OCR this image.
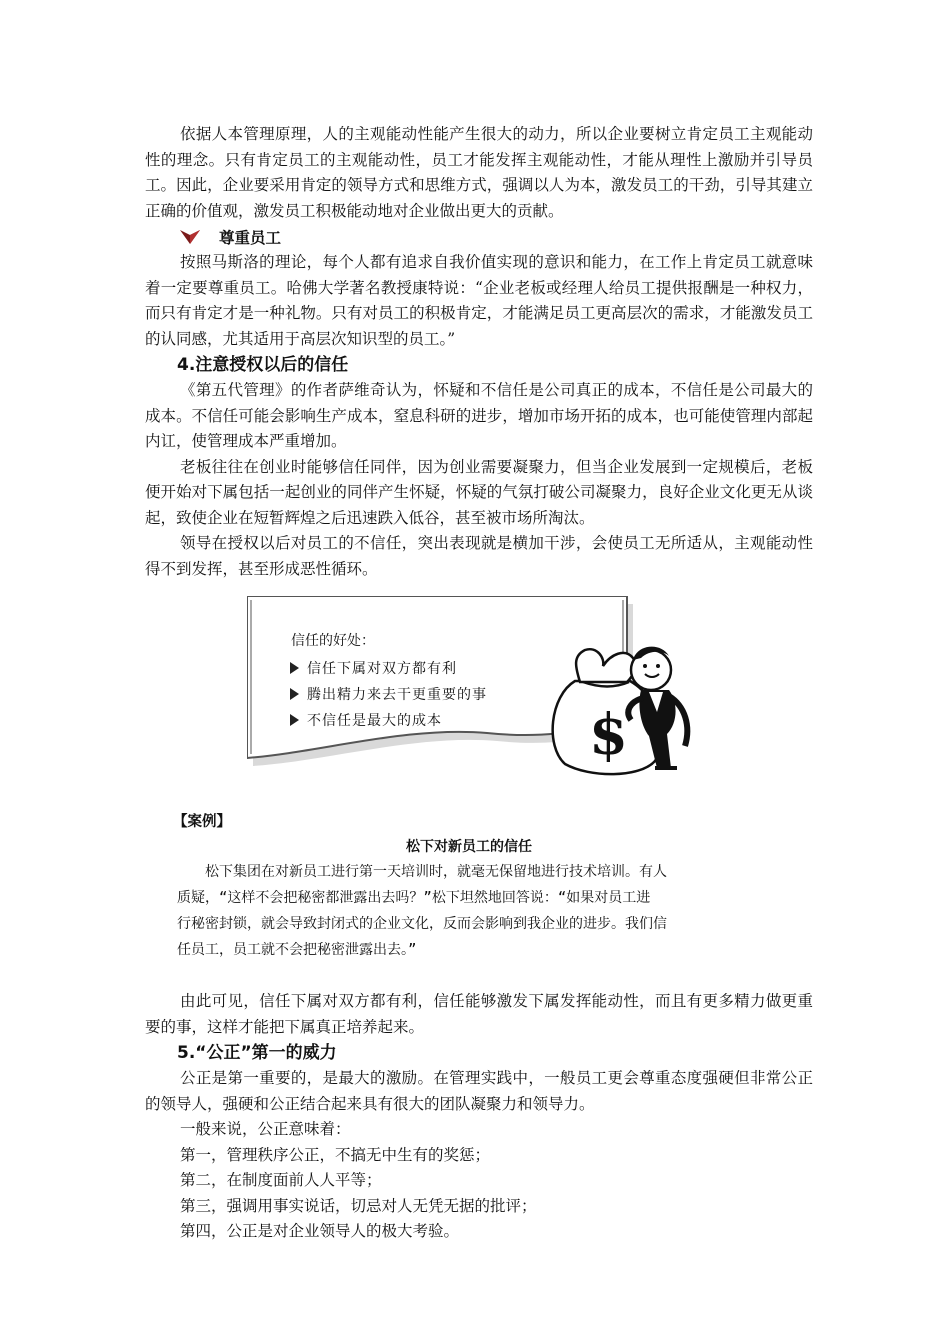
依据人本管理原理，人的主观能动性能产生很大的动力，所以企业要树立肯定员工主观能动性的理念。只有肯定员工的主观能动性，员工才能发挥主观能动性，才能从理性上激励并引导员工。因此，企业要采用肯定的领导方式和思维方式，强调以人为本，激发员工的干劲，引导其建立正确的价值观，激发员工积极能动地对企业做出更大的贡献。

尊重员工

按照马斯洛的理论，每个人都有追求自我价值实现的意识和能力，在工作上肯定员工就意味着一定要尊重员工。哈佛大学著名教授康特说：“企业老板或经理人给员工提供报酬是一种权力，而只有肯定才是一种礼物。只有对员工的积极肯定，才能满足员工更高层次的需求，才能激发员工的认同感，尤其适用于高层次知识型的员工。”

4.注意授权以后的信任

《第五代管理》的作者萨维奇认为，怀疑和不信任是公司真正的成本，不信任是公司最大的成本。不信任可能会影响生产成本，窒息科研的进步，增加市场开拓的成本，也可能使管理内部起内讧，使管理成本严重增加。

老板往往在创业时能够信任同伴，因为创业需要凝聚力，但当企业发展到一定规模后，老板便开始对下属包括一起创业的同伴产生怀疑，怀疑的气氛打破公司凝聚力，良好企业文化更无从谈起，致使企业在短暂辉煌之后迅速跌入低谷，甚至被市场所淘汰。

领导在授权以后对员工的不信任，突出表现就是横加干涉，会使员工无所适从，主观能动性得不到发挥，甚至形成恶性循环。

信任的好处：
信任下属对双方都有利
腾出精力来去干更重要的事
不信任是最大的成本	$
【案例】
松下对新员工的信任
松下集团在对新员工进行第一天培训时，就毫无保留地进行技术培训。有人
质疑，“这样不会把秘密都泄露出去吗？”松下坦然地回答说：“如果对员工进
行秘密封锁，就会导致封闭式的企业文化，反而会影响到我企业的进步。我们信
任员工，员工就不会把秘密泄露出去。”

由此可见，信任下属对双方都有利，信任能够激发下属发挥能动性，而且有更多精力做更重要的事，这样才能把下属真正培养起来。

5.“公正”第一的威力

公正是第一重要的，是最大的激励。在管理实践中，一般员工更会尊重态度强硬但非常公正的领导人，强硬和公正结合起来具有很大的团队凝聚力和领导力。

一般来说，公正意味着：

第一，管理秩序公正，不搞无中生有的奖惩；

第二，在制度面前人人平等；

第三，强调用事实说话，切忌对人无凭无据的批评；

第四，公正是对企业领导人的极大考验。
